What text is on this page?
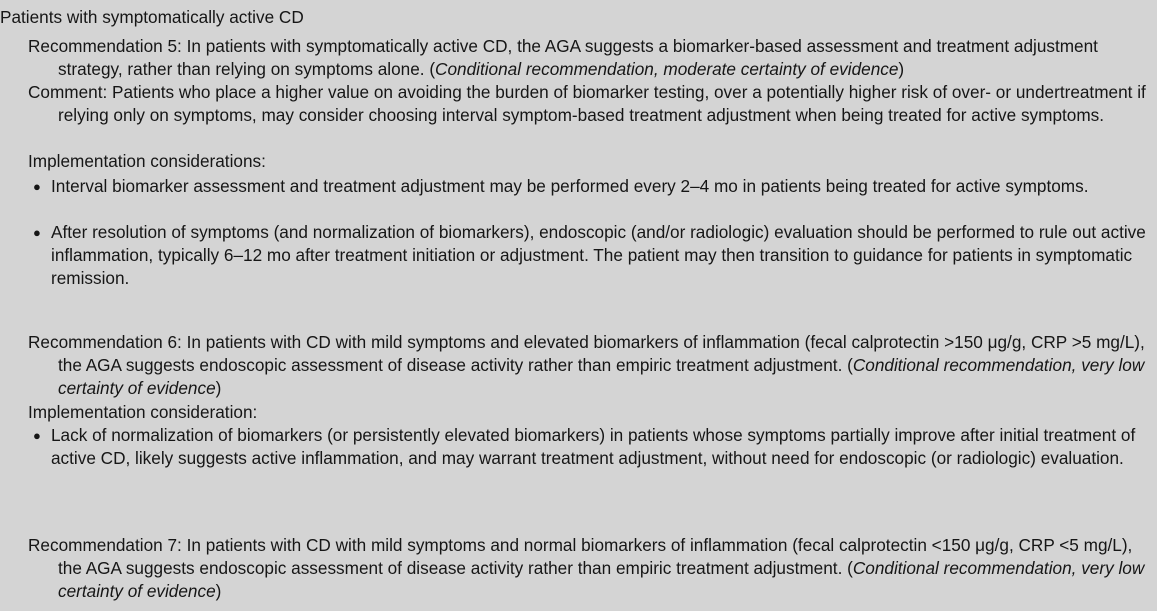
Patients with symptomatically active CD
Recommendation 5: In patients with symptomatically active CD, the AGA suggests a biomarker-based assessment and treatment adjustment strategy, rather than relying on symptoms alone. (Conditional recommendation, moderate certainty of evidence)
Comment: Patients who place a higher value on avoiding the burden of biomarker testing, over a potentially higher risk of over- or undertreatment if relying only on symptoms, may consider choosing interval symptom-based treatment adjustment when being treated for active symptoms.
Implementation considerations:
● Interval biomarker assessment and treatment adjustment may be performed every 2–4 mo in patients being treated for active symptoms.
● After resolution of symptoms (and normalization of biomarkers), endoscopic (and/or radiologic) evaluation should be performed to rule out active inflammation, typically 6–12 mo after treatment initiation or adjustment. The patient may then transition to guidance for patients in symptomatic remission.
Recommendation 6: In patients with CD with mild symptoms and elevated biomarkers of inflammation (fecal calprotectin >150 μg/g, CRP >5 mg/L), the AGA suggests endoscopic assessment of disease activity rather than empiric treatment adjustment. (Conditional recommendation, very low certainty of evidence)
Implementation consideration:
● Lack of normalization of biomarkers (or persistently elevated biomarkers) in patients whose symptoms partially improve after initial treatment of active CD, likely suggests active inflammation, and may warrant treatment adjustment, without need for endoscopic (or radiologic) evaluation.
Recommendation 7: In patients with CD with mild symptoms and normal biomarkers of inflammation (fecal calprotectin <150 μg/g, CRP <5 mg/L), the AGA suggests endoscopic assessment of disease activity rather than empiric treatment adjustment. (Conditional recommendation, very low certainty of evidence)
